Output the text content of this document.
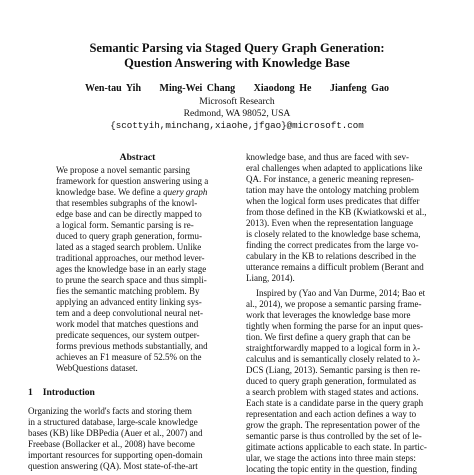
Semantic Parsing via Staged Query Graph Generation:
Question Answering with Knowledge Base
Wen-tau Yih Ming-Wei Chang Xiaodong He Jianfeng Gao
Microsoft Research
Redmond, WA 98052, USA
{scottyih,minchang,xiaohe,jfgao}@microsoft.com
Abstract
We propose a novel semantic parsing
framework for question answering using a
knowledge base. We define a query graph
that resembles subgraphs of the knowl-
edge base and can be directly mapped to
a logical form. Semantic parsing is re-
duced to query graph generation, formu-
lated as a staged search problem. Unlike
traditional approaches, our method lever-
ages the knowledge base in an early stage
to prune the search space and thus simpli-
fies the semantic matching problem. By
applying an advanced entity linking sys-
tem and a deep convolutional neural net-
work model that matches questions and
predicate sequences, our system outper-
forms previous methods substantially, and
achieves an F1 measure of 52.5% on the
WebQuestions dataset.
1 Introduction
Organizing the world's facts and storing them
in a structured database, large-scale knowledge
bases (KB) like DBPedia (Auer et al., 2007) and
Freebase (Bollacker et al., 2008) have become
important resources for supporting open-domain
question answering (QA). Most state-of-the-art
knowledge base, and thus are faced with sev-
eral challenges when adapted to applications like
QA. For instance, a generic meaning represen-
tation may have the ontology matching problem
when the logical form uses predicates that differ
from those defined in the KB (Kwiatkowski et al.,
2013). Even when the representation language
is closely related to the knowledge base schema,
finding the correct predicates from the large vo-
cabulary in the KB to relations described in the
utterance remains a difficult problem (Berant and
Liang, 2014).
Inspired by (Yao and Van Durme, 2014; Bao et
al., 2014), we propose a semantic parsing frame-
work that leverages the knowledge base more
tightly when forming the parse for an input ques-
tion. We first define a query graph that can be
straightforwardly mapped to a logical form in λ-
calculus and is semantically closely related to λ-
DCS (Liang, 2013). Semantic parsing is then re-
duced to query graph generation, formulated as
a search problem with staged states and actions.
Each state is a candidate parse in the query graph
representation and each action defines a way to
grow the graph. The representation power of the
semantic parse is thus controlled by the set of le-
gitimate actions applicable to each state. In partic-
ular, we stage the actions into three main steps:
locating the topic entity in the question, finding
